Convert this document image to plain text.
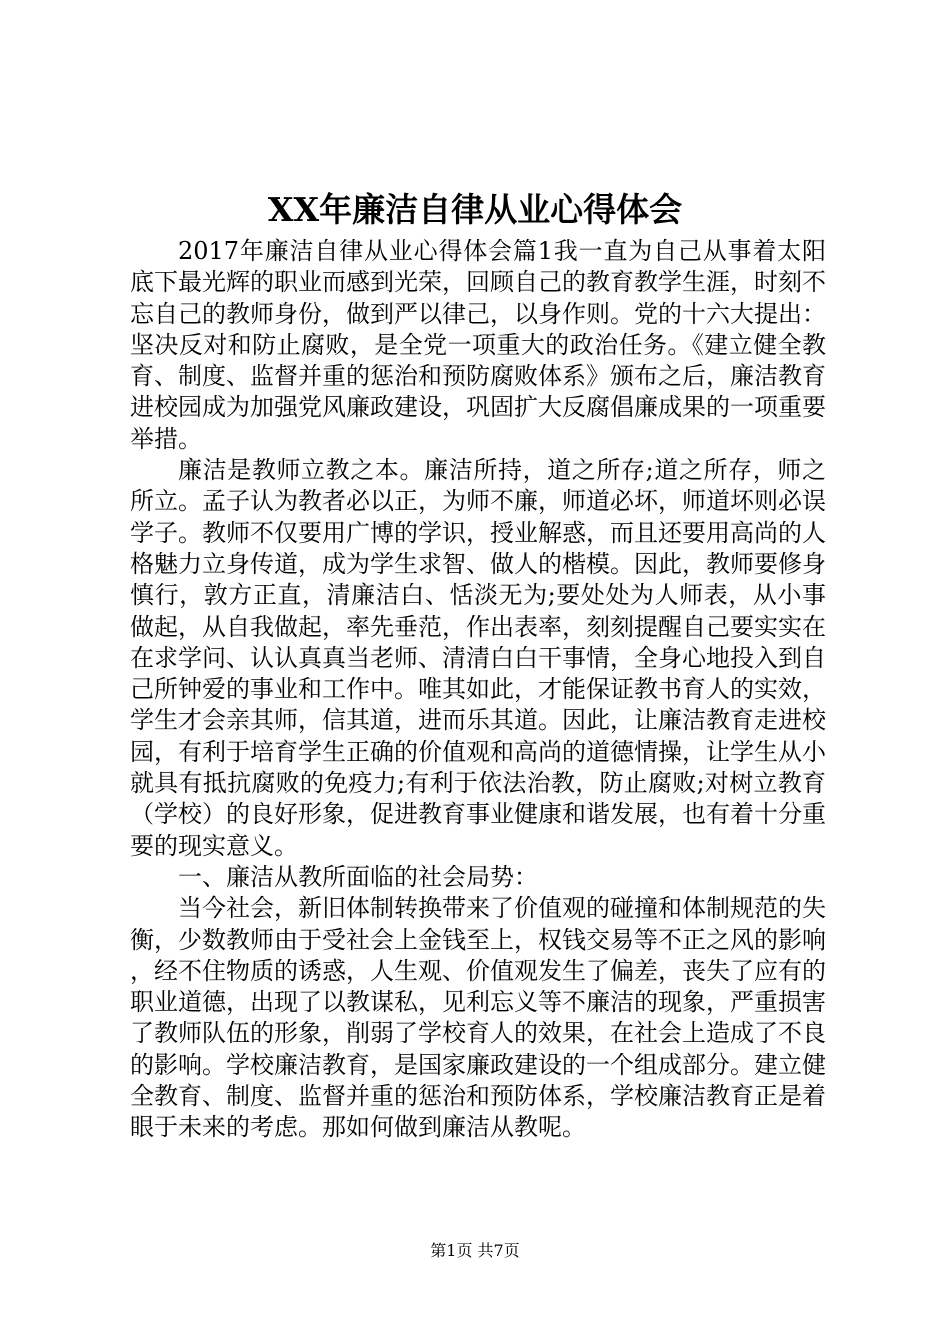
XX年廉洁自律从业心得体会

2017年廉洁自律从业心得体会篇1我一直为自己从事着太阳底下最光辉的职业而感到光荣，回顾自己的教育教学生涯，时刻不忘自己的教师身份，做到严以律己，以身作则。党的十六大提出：坚决反对和防止腐败，是全党一项重大的政治任务。《建立健全教育、制度、监督并重的惩治和预防腐败体系》颁布之后，廉洁教育进校园成为加强党风廉政建设，巩固扩大反腐倡廉成果的一项重要举措。

廉洁是教师立教之本。廉洁所持，道之所存;道之所存，师之所立。孟子认为教者必以正，为师不廉，师道必坏，师道坏则必误学子。教师不仅要用广博的学识，授业解惑，而且还要用高尚的人格魅力立身传道，成为学生求智、做人的楷模。因此，教师要修身慎行，敦方正直，清廉洁白、恬淡无为;要处处为人师表，从小事做起，从自我做起，率先垂范，作出表率，刻刻提醒自己要实实在在求学问、认认真真当老师、清清白白干事情，全身心地投入到自己所钟爱的事业和工作中。唯其如此，才能保证教书育人的实效，学生才会亲其师，信其道，进而乐其道。因此，让廉洁教育走进校园，有利于培育学生正确的价值观和高尚的道德情操，让学生从小就具有抵抗腐败的免疫力;有利于依法治教，防止腐败;对树立教育（学校）的良好形象，促进教育事业健康和谐发展，也有着十分重要的现实意义。

一、廉洁从教所面临的社会局势：

当今社会，新旧体制转换带来了价值观的碰撞和体制规范的失衡，少数教师由于受社会上金钱至上，权钱交易等不正之风的影响，经不住物质的诱惑，人生观、价值观发生了偏差，丧失了应有的职业道德，出现了以教谋私，见利忘义等不廉洁的现象，严重损害了教师队伍的形象，削弱了学校育人的效果，在社会上造成了不良的影响。学校廉洁教育，是国家廉政建设的一个组成部分。建立健全教育、制度、监督并重的惩治和预防体系，学校廉洁教育正是着眼于未来的考虑。那如何做到廉洁从教呢。

第1页 共7页
